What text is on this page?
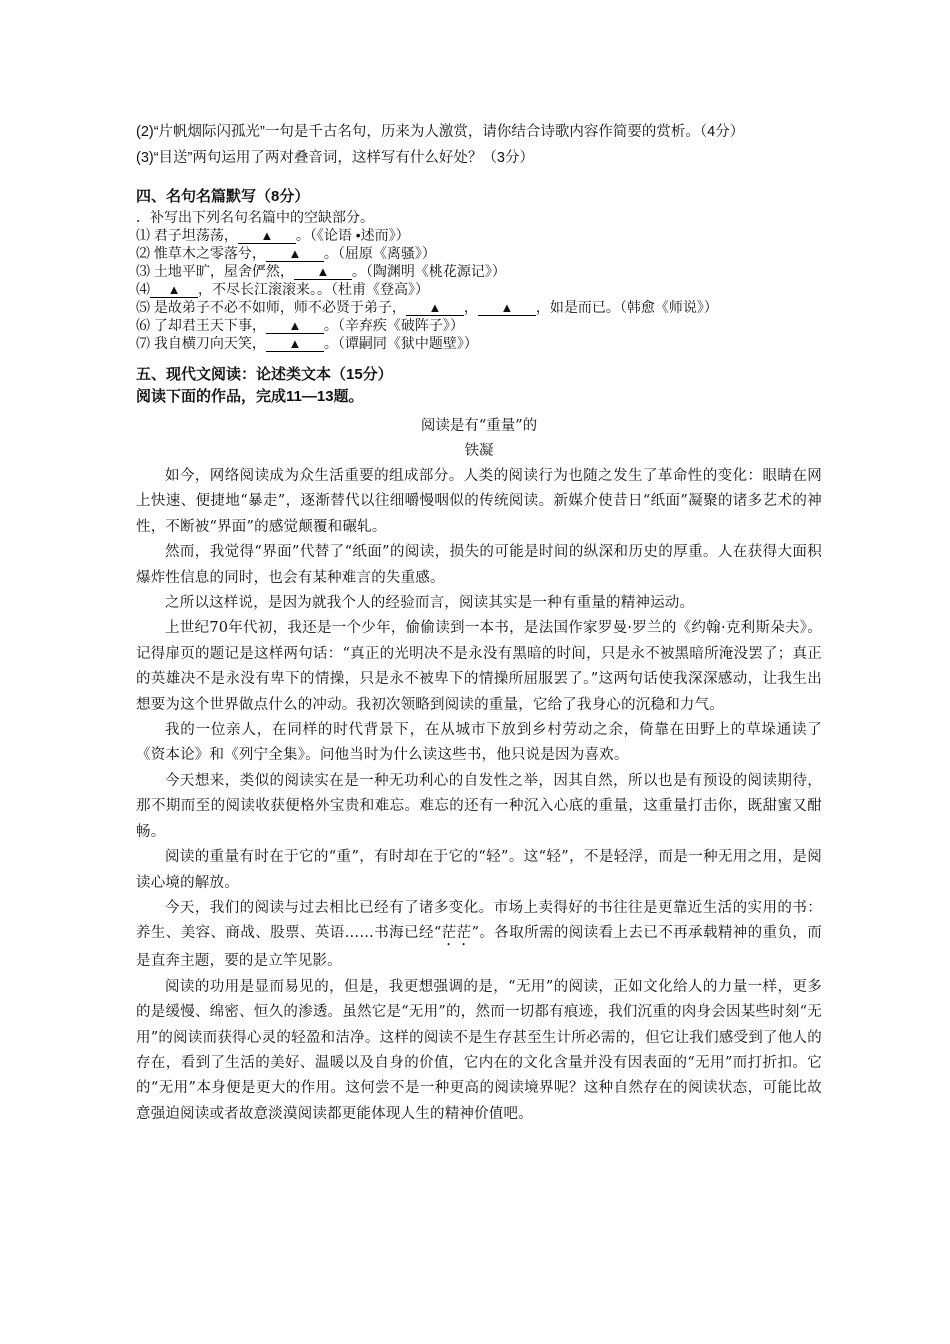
(2)“片帆烟际闪孤光”一句是千古名句，历来为人激赏，请你结合诗歌内容作简要的赏析。（4分）

(3)“目送”两句运用了两对叠音词，这样写有什么好处？（3分）

四、名句名篇默写（8分）

．补写出下列名句名篇中的空缺部分。

⑴ 君子坦荡荡， ▲ 。（《论语 •述而》）

⑵ 惟草木之零落兮， ▲ 。（屈原《离骚》）

⑶ 土地平旷，屋舍俨然， ▲ 。（陶渊明《桃花源记》）

⑷ ▲ ，不尽长江滚滚来。。（杜甫《登高》）

⑸ 是故弟子不必不如师，师不必贤于弟子， ▲ ， ▲ ，如是而已。（韩愈《师说》）

⑹ 了却君王天下事， ▲ 。（辛弃疾《破阵子》）

⑺ 我自横刀向天笑， ▲ 。（谭嗣同《狱中题壁》）

五、现代文阅读：论述类文本（15分）

阅读下面的作品，完成11—13题。

阅读是有“重量”的

铁凝

如今，网络阅读成为众生活重要的组成部分。人类的阅读行为也随之发生了革命性的变化：眼睛在网上快速、便捷地“暴走”，逐渐替代以往细嚼慢咽似的传统阅读。新媒介使昔日“纸面”凝聚的诸多艺术的神性，不断被“界面”的感觉颠覆和碾轧。

然而，我觉得“界面”代替了“纸面”的阅读，损失的可能是时间的纵深和历史的厚重。人在获得大面积爆炸性信息的同时，也会有某种难言的失重感。

之所以这样说，是因为就我个人的经验而言，阅读其实是一种有重量的精神运动。

上世纪70年代初，我还是一个少年，偷偷读到一本书，是法国作家罗曼·罗兰的《约翰·克利斯朵夫》。记得扉页的题记是这样两句话：“真正的光明决不是永没有黑暗的时间，只是永不被黑暗所淹没罢了；真正的英雄决不是永没有卑下的情操，只是永不被卑下的情操所屈服罢了。”这两句话使我深深感动，让我生出想要为这个世界做点什么的冲动。我初次领略到阅读的重量，它给了我身心的沉稳和力气。

我的一位亲人，在同样的时代背景下，在从城市下放到乡村劳动之余，倚靠在田野上的草垛通读了《资本论》和《列宁全集》。问他当时为什么读这些书，他只说是因为喜欢。

今天想来，类似的阅读实在是一种无功利心的自发性之举，因其自然，所以也是有预设的阅读期待，那不期而至的阅读收获便格外宝贵和难忘。难忘的还有一种沉入心底的重量，这重量打击你，既甜蜜又酣畅。

阅读的重量有时在于它的“重”，有时却在于它的“轻”。这“轻”，不是轻浮，而是一种无用之用，是阅读心境的解放。

今天，我们的阅读与过去相比已经有了诸多变化。市场上卖得好的书往往是更靠近生活的实用的书：养生、美容、商战、股票、英语……书海已经“茫茫”。各取所需的阅读看上去已不再承载精神的重负，而是直奔主题，要的是立竿见影。

阅读的功用是显而易见的，但是，我更想强调的是，“无用”的阅读，正如文化给人的力量一样，更多的是缓慢、绵密、恒久的渗透。虽然它是“无用”的，然而一切都有痕迹，我们沉重的肉身会因某些时刻“无用”的阅读而获得心灵的轻盈和洁净。这样的阅读不是生存甚至生计所必需的，但它让我们感受到了他人的存在，看到了生活的美好、温暖以及自身的价值，它内在的文化含量并没有因表面的“无用”而打折扣。它的“无用”本身便是更大的作用。这何尝不是一种更高的阅读境界呢？这种自然存在的阅读状态，可能比故意强迫阅读或者故意淡漠阅读都更能体现人生的精神价值吧。
